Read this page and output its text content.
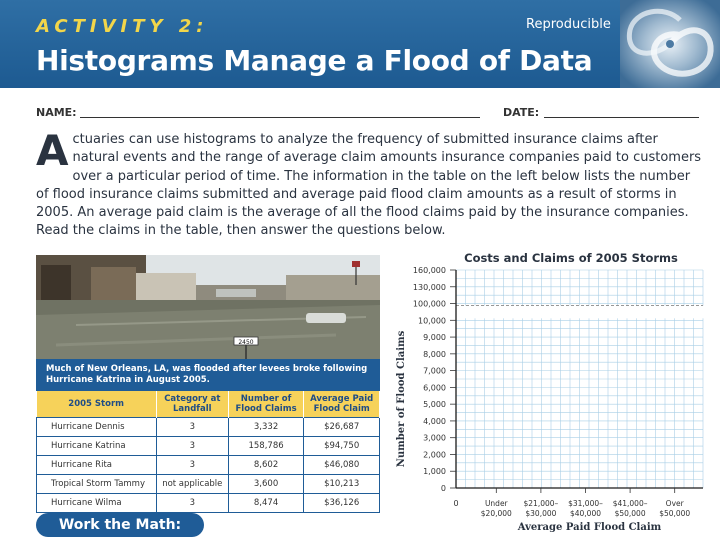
ACTIVITY 2:
Histograms Manage a Flood of Data
Reproducible
NAME:	DATE:
Actuaries can use histograms to analyze the frequency of submitted insurance claims after natural events and the range of average claim amounts insurance companies paid to customers over a particular period of time. The information in the table on the left below lists the number of flood insurance claims submitted and average paid flood claim amounts as a result of storms in 2005. An average paid claim is the average of all the flood claims paid by the insurance companies. Read the claims in the table, then answer the questions below.
2450
Much of New Orleans, LA, was flooded after levees broke following Hurricane Katrina in August 2005.
2005 Storm	Category at Landfall	Number of Flood Claims	Average Paid Flood Claim
Hurricane Dennis	3	3,332	$26,687
Hurricane Katrina	3	158,786	$94,750
Hurricane Rita	3	8,602	$46,080
Tropical Storm Tammy	not applicable	3,600	$10,213
Hurricane Wilma	3	8,474	$36,126
Work the Math:
Costs and Claims of 2005 Storms
0
1,000
2,000
3,000
4,000
5,000
6,000
7,000
8,000
9,000
10,000
100,000
130,000
160,000
0	Under
$20,000
$21,000–
$30,000
$31,000–
$40,000
$41,000–
$50,000
Over
$50,000
Average Paid Flood Claim
Number of Flood Claims
